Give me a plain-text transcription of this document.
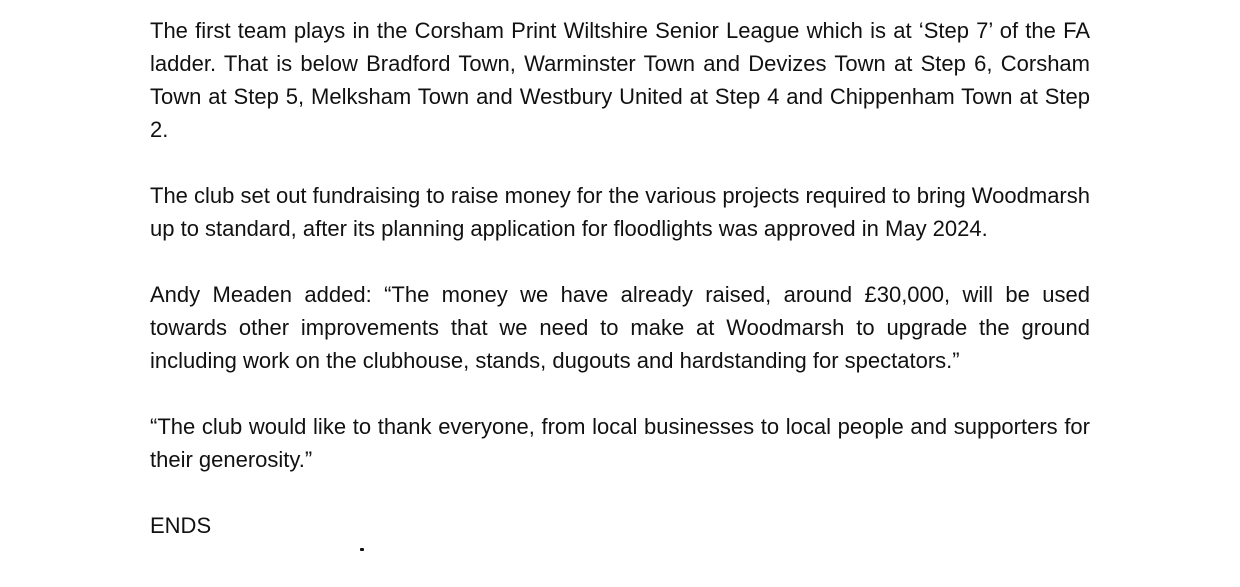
The first team plays in the Corsham Print Wiltshire Senior League which is at ‘Step 7’ of the FA ladder. That is below Bradford Town, Warminster Town and Devizes Town at Step 6, Corsham Town at Step 5, Melksham Town and Westbury United at Step 4 and Chippenham Town at Step 2.

The club set out fundraising to raise money for the various projects required to bring Woodmarsh up to standard, after its planning application for floodlights was approved in May 2024.

Andy Meaden added: “The money we have already raised, around £30,000, will be used towards other improvements that we need to make at Woodmarsh to upgrade the ground including work on the clubhouse, stands, dugouts and hardstanding for spectators.”

“The club would like to thank everyone, from local businesses to local people and supporters for their generosity.”

ENDS
